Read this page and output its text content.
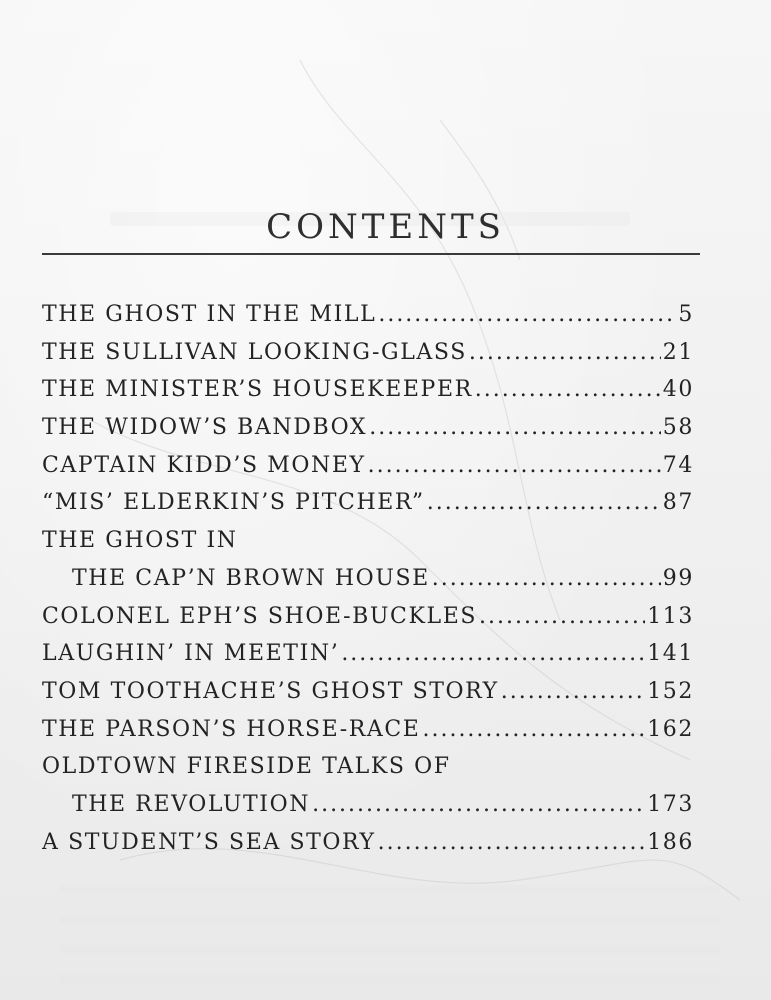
CONTENTS
THE GHOST IN THE MILL .....	5
THE SULLIVAN LOOKING-GLASS .....	21
THE MINISTER’S HOUSEKEEPER .....	40
THE WIDOW’S BANDBOX .....	58
CAPTAIN KIDD’S MONEY .....	74
“MIS’ ELDERKIN’S PITCHER” .....	87
THE GHOST IN
THE CAP’N BROWN HOUSE .....	99
COLONEL EPH’S SHOE-BUCKLES .....	113
LAUGHIN’ IN MEETIN’ .....	141
TOM TOOTHACHE’S GHOST STORY .....	152
THE PARSON’S HORSE-RACE .....	162
OLDTOWN FIRESIDE TALKS OF
THE REVOLUTION .....	173
A STUDENT’S SEA STORY .....	186
